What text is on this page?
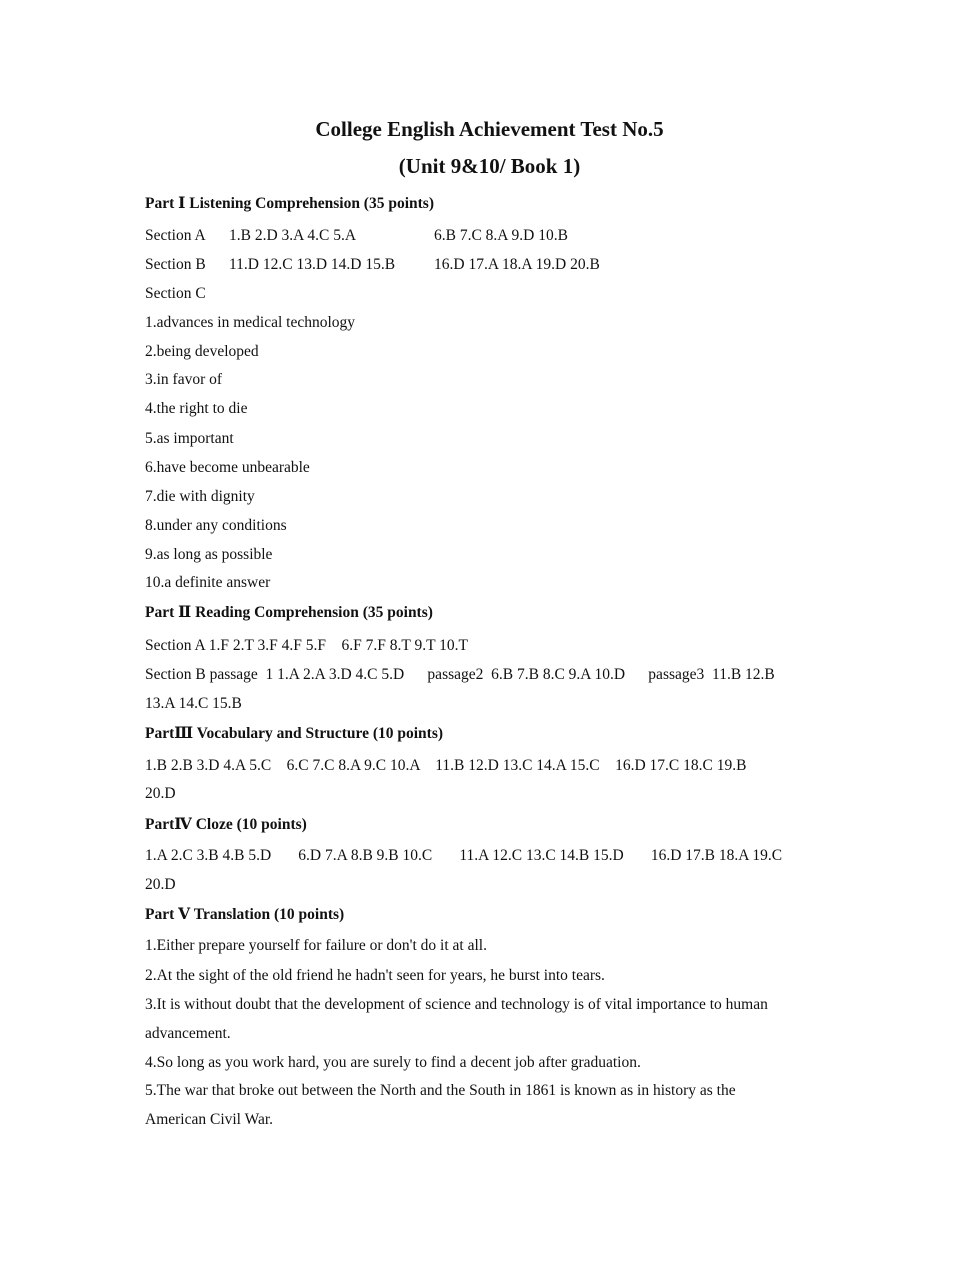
College English Achievement Test No.5
(Unit 9&10/ Book 1)
Part Ⅰ Listening Comprehension (35 points)
Section A 1.B 2.D 3.A 4.C 5.A	6.B 7.C 8.A 9.D 10.B
Section B 11.D 12.C 13.D 14.D 15.B	16.D 17.A 18.A 19.D 20.B
Section C
1.advances in medical technology
2.being developed
3.in favor of
4.the right to die
5.as important
6.have become unbearable
7.die with dignity
8.under any conditions
9.as long as possible
10.a definite answer
Part Ⅱ Reading Comprehension (35 points)
Section A 1.F 2.T 3.F 4.F 5.F    6.F 7.F 8.T 9.T 10.T
Section B passage  1 1.A 2.A 3.D 4.C 5.D      passage2  6.B 7.B 8.C 9.A 10.D      passage3  11.B 12.B
13.A 14.C 15.B
PartⅢ Vocabulary and Structure (10 points)
1.B 2.B 3.D 4.A 5.C    6.C 7.C 8.A 9.C 10.A    11.B 12.D 13.C 14.A 15.C    16.D 17.C 18.C 19.B
20.D
PartⅣ Cloze (10 points)
1.A 2.C 3.B 4.B 5.D       6.D 7.A 8.B 9.B 10.C       11.A 12.C 13.C 14.B 15.D       16.D 17.B 18.A 19.C
20.D
Part Ⅴ Translation (10 points)
1.Either prepare yourself for failure or don't do it at all.
2.At the sight of the old friend he hadn't seen for years, he burst into tears.
3.It is without doubt that the development of science and technology is of vital importance to human
advancement.
4.So long as you work hard, you are surely to find a decent job after graduation.
5.The war that broke out between the North and the South in 1861 is known as in history as the
American Civil War.
